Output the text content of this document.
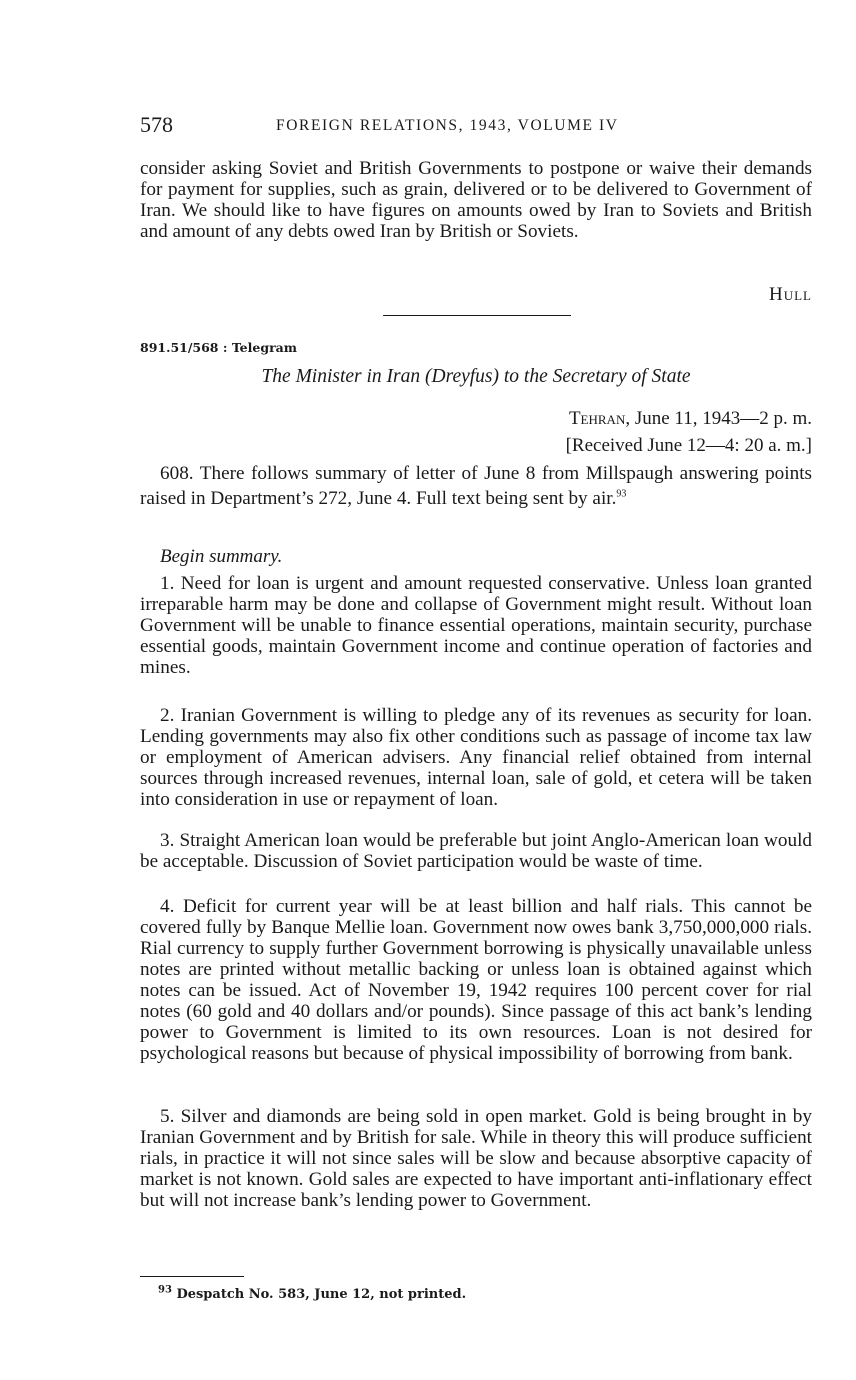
578	FOREIGN RELATIONS, 1943, VOLUME IV

consider asking Soviet and British Governments to postpone or waive their demands for payment for supplies, such as grain, delivered or to be delivered to Government of Iran. We should like to have figures on amounts owed by Iran to Soviets and British and amount of any debts owed Iran by British or Soviets.

Hull
891.51/568 : Telegram
The Minister in Iran (Dreyfus) to the Secretary of State
Tehran, June 11, 1943—2 p. m.
[Received June 12—4: 20 a. m.]

608. There follows summary of letter of June 8 from Millspaugh answering points raised in Department’s 272, June 4. Full text being sent by air.$^{93}$

Begin summary.

1. Need for loan is urgent and amount requested conservative. Unless loan granted irreparable harm may be done and collapse of Government might result. Without loan Government will be unable to finance essential operations, maintain security, purchase essential goods, maintain Government income and continue operation of factories and mines.

2. Iranian Government is willing to pledge any of its revenues as security for loan. Lending governments may also fix other conditions such as passage of income tax law or employment of American advisers. Any financial relief obtained from internal sources through increased revenues, internal loan, sale of gold, et cetera will be taken into consideration in use or repayment of loan.

3. Straight American loan would be preferable but joint Anglo-American loan would be acceptable. Discussion of Soviet participation would be waste of time.

4. Deficit for current year will be at least billion and half rials. This cannot be covered fully by Banque Mellie loan. Government now owes bank 3,750,000,000 rials. Rial currency to supply further Government borrowing is physically unavailable unless notes are printed without metallic backing or unless loan is obtained against which notes can be issued. Act of November 19, 1942 requires 100 percent cover for rial notes (60 gold and 40 dollars and/or pounds). Since passage of this act bank’s lending power to Government is limited to its own resources. Loan is not desired for psychological reasons but because of physical impossibility of borrowing from bank.

5. Silver and diamonds are being sold in open market. Gold is being brought in by Iranian Government and by British for sale. While in theory this will produce sufficient rials, in practice it will not since sales will be slow and because absorptive capacity of market is not known. Gold sales are expected to have important anti-inflationary effect but will not increase bank’s lending power to Government.

$^{93}$ Despatch No. 583, June 12, not printed.
